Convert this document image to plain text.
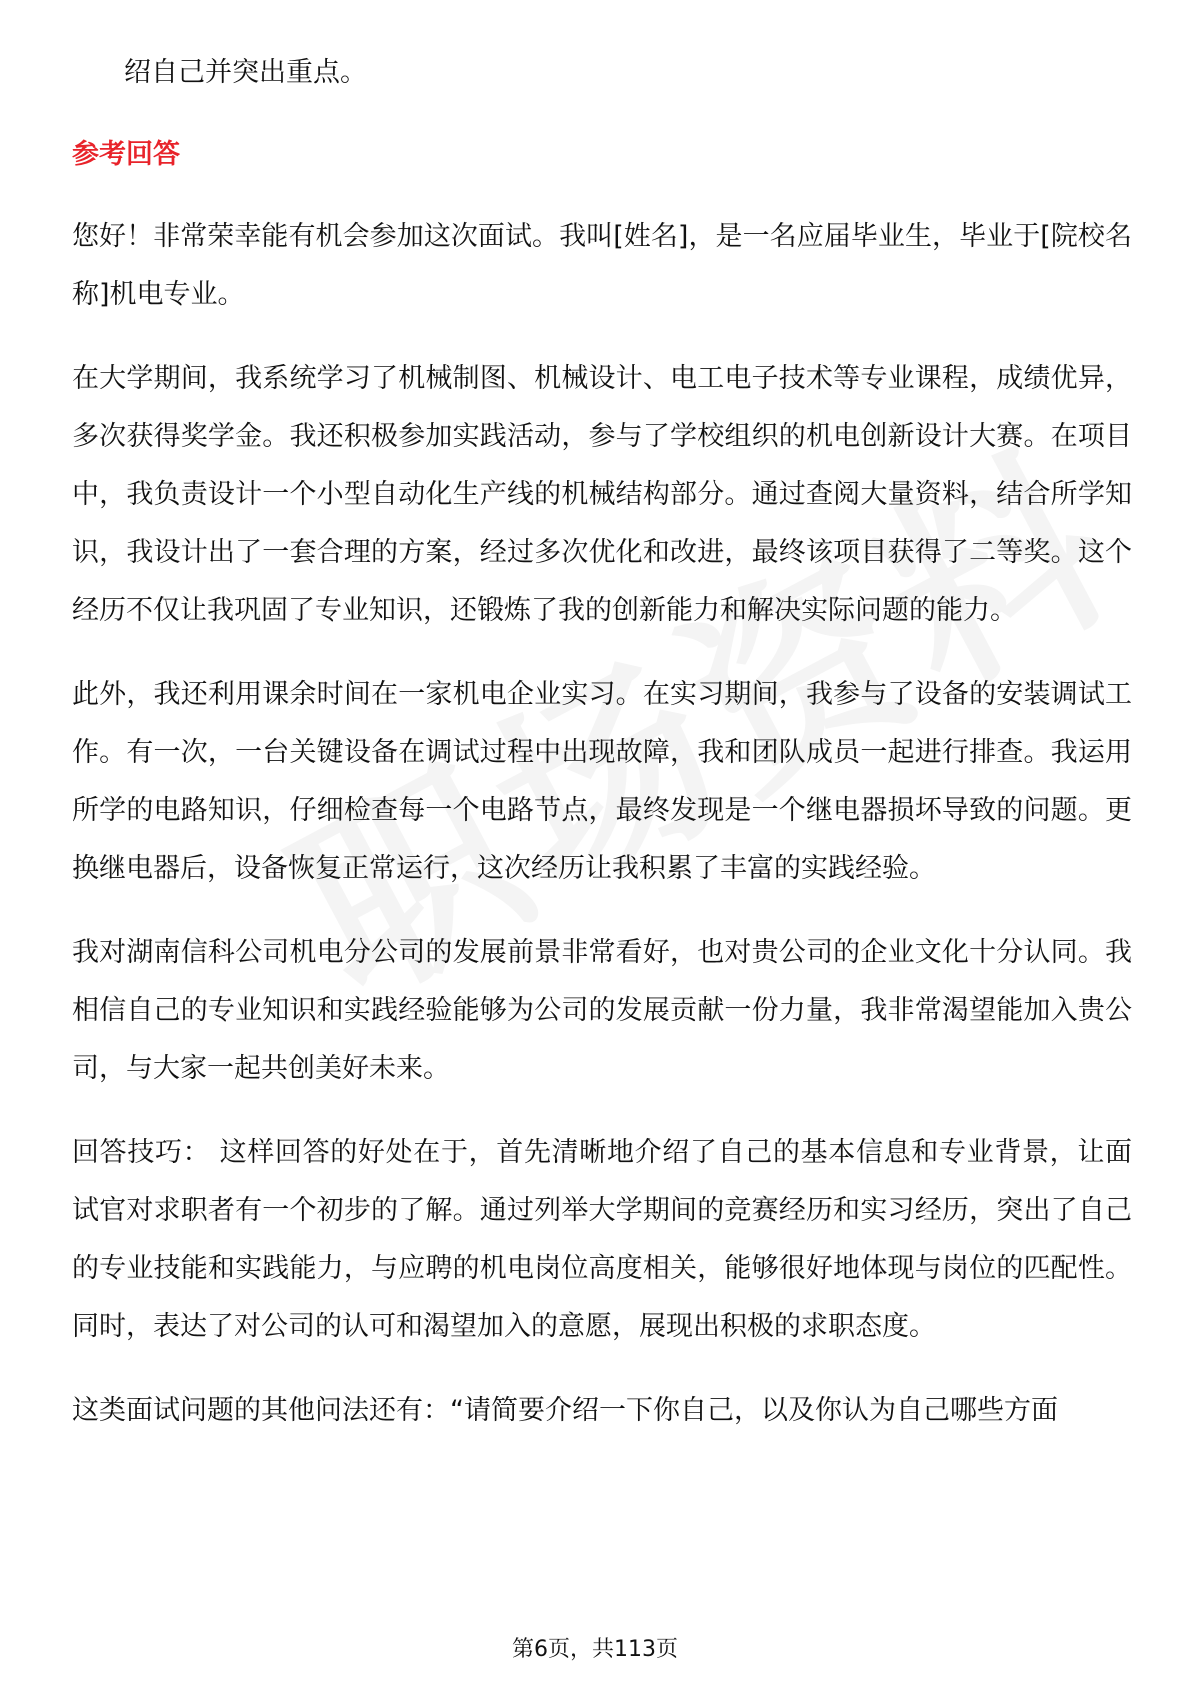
绍自己并突出重点。

参考回答

您好！非常荣幸能有机会参加这次面试。我叫[姓名]，是一名应届毕业生，毕业于[院校名称]机电专业。

在大学期间，我系统学习了机械制图、机械设计、电工电子技术等专业课程，成绩优异，多次获得奖学金。我还积极参加实践活动，参与了学校组织的机电创新设计大赛。在项目中，我负责设计一个小型自动化生产线的机械结构部分。通过查阅大量资料，结合所学知识，我设计出了一套合理的方案，经过多次优化和改进，最终该项目获得了二等奖。这个经历不仅让我巩固了专业知识，还锻炼了我的创新能力和解决实际问题的能力。

此外，我还利用课余时间在一家机电企业实习。在实习期间，我参与了设备的安装调试工作。有一次，一台关键设备在调试过程中出现故障，我和团队成员一起进行排查。我运用所学的电路知识，仔细检查每一个电路节点，最终发现是一个继电器损坏导致的问题。更换继电器后，设备恢复正常运行，这次经历让我积累了丰富的实践经验。

我对湖南信科公司机电分公司的发展前景非常看好，也对贵公司的企业文化十分认同。我相信自己的专业知识和实践经验能够为公司的发展贡献一份力量，我非常渴望能加入贵公司，与大家一起共创美好未来。

回答技巧： 这样回答的好处在于，首先清晰地介绍了自己的基本信息和专业背景，让面试官对求职者有一个初步的了解。通过列举大学期间的竞赛经历和实习经历，突出了自己的专业技能和实践能力，与应聘的机电岗位高度相关，能够很好地体现与岗位的匹配性。同时，表达了对公司的认可和渴望加入的意愿，展现出积极的求职态度。

这类面试问题的其他问法还有：“请简要介绍一下你自己，以及你认为自己哪些方面

第6页，共113页
